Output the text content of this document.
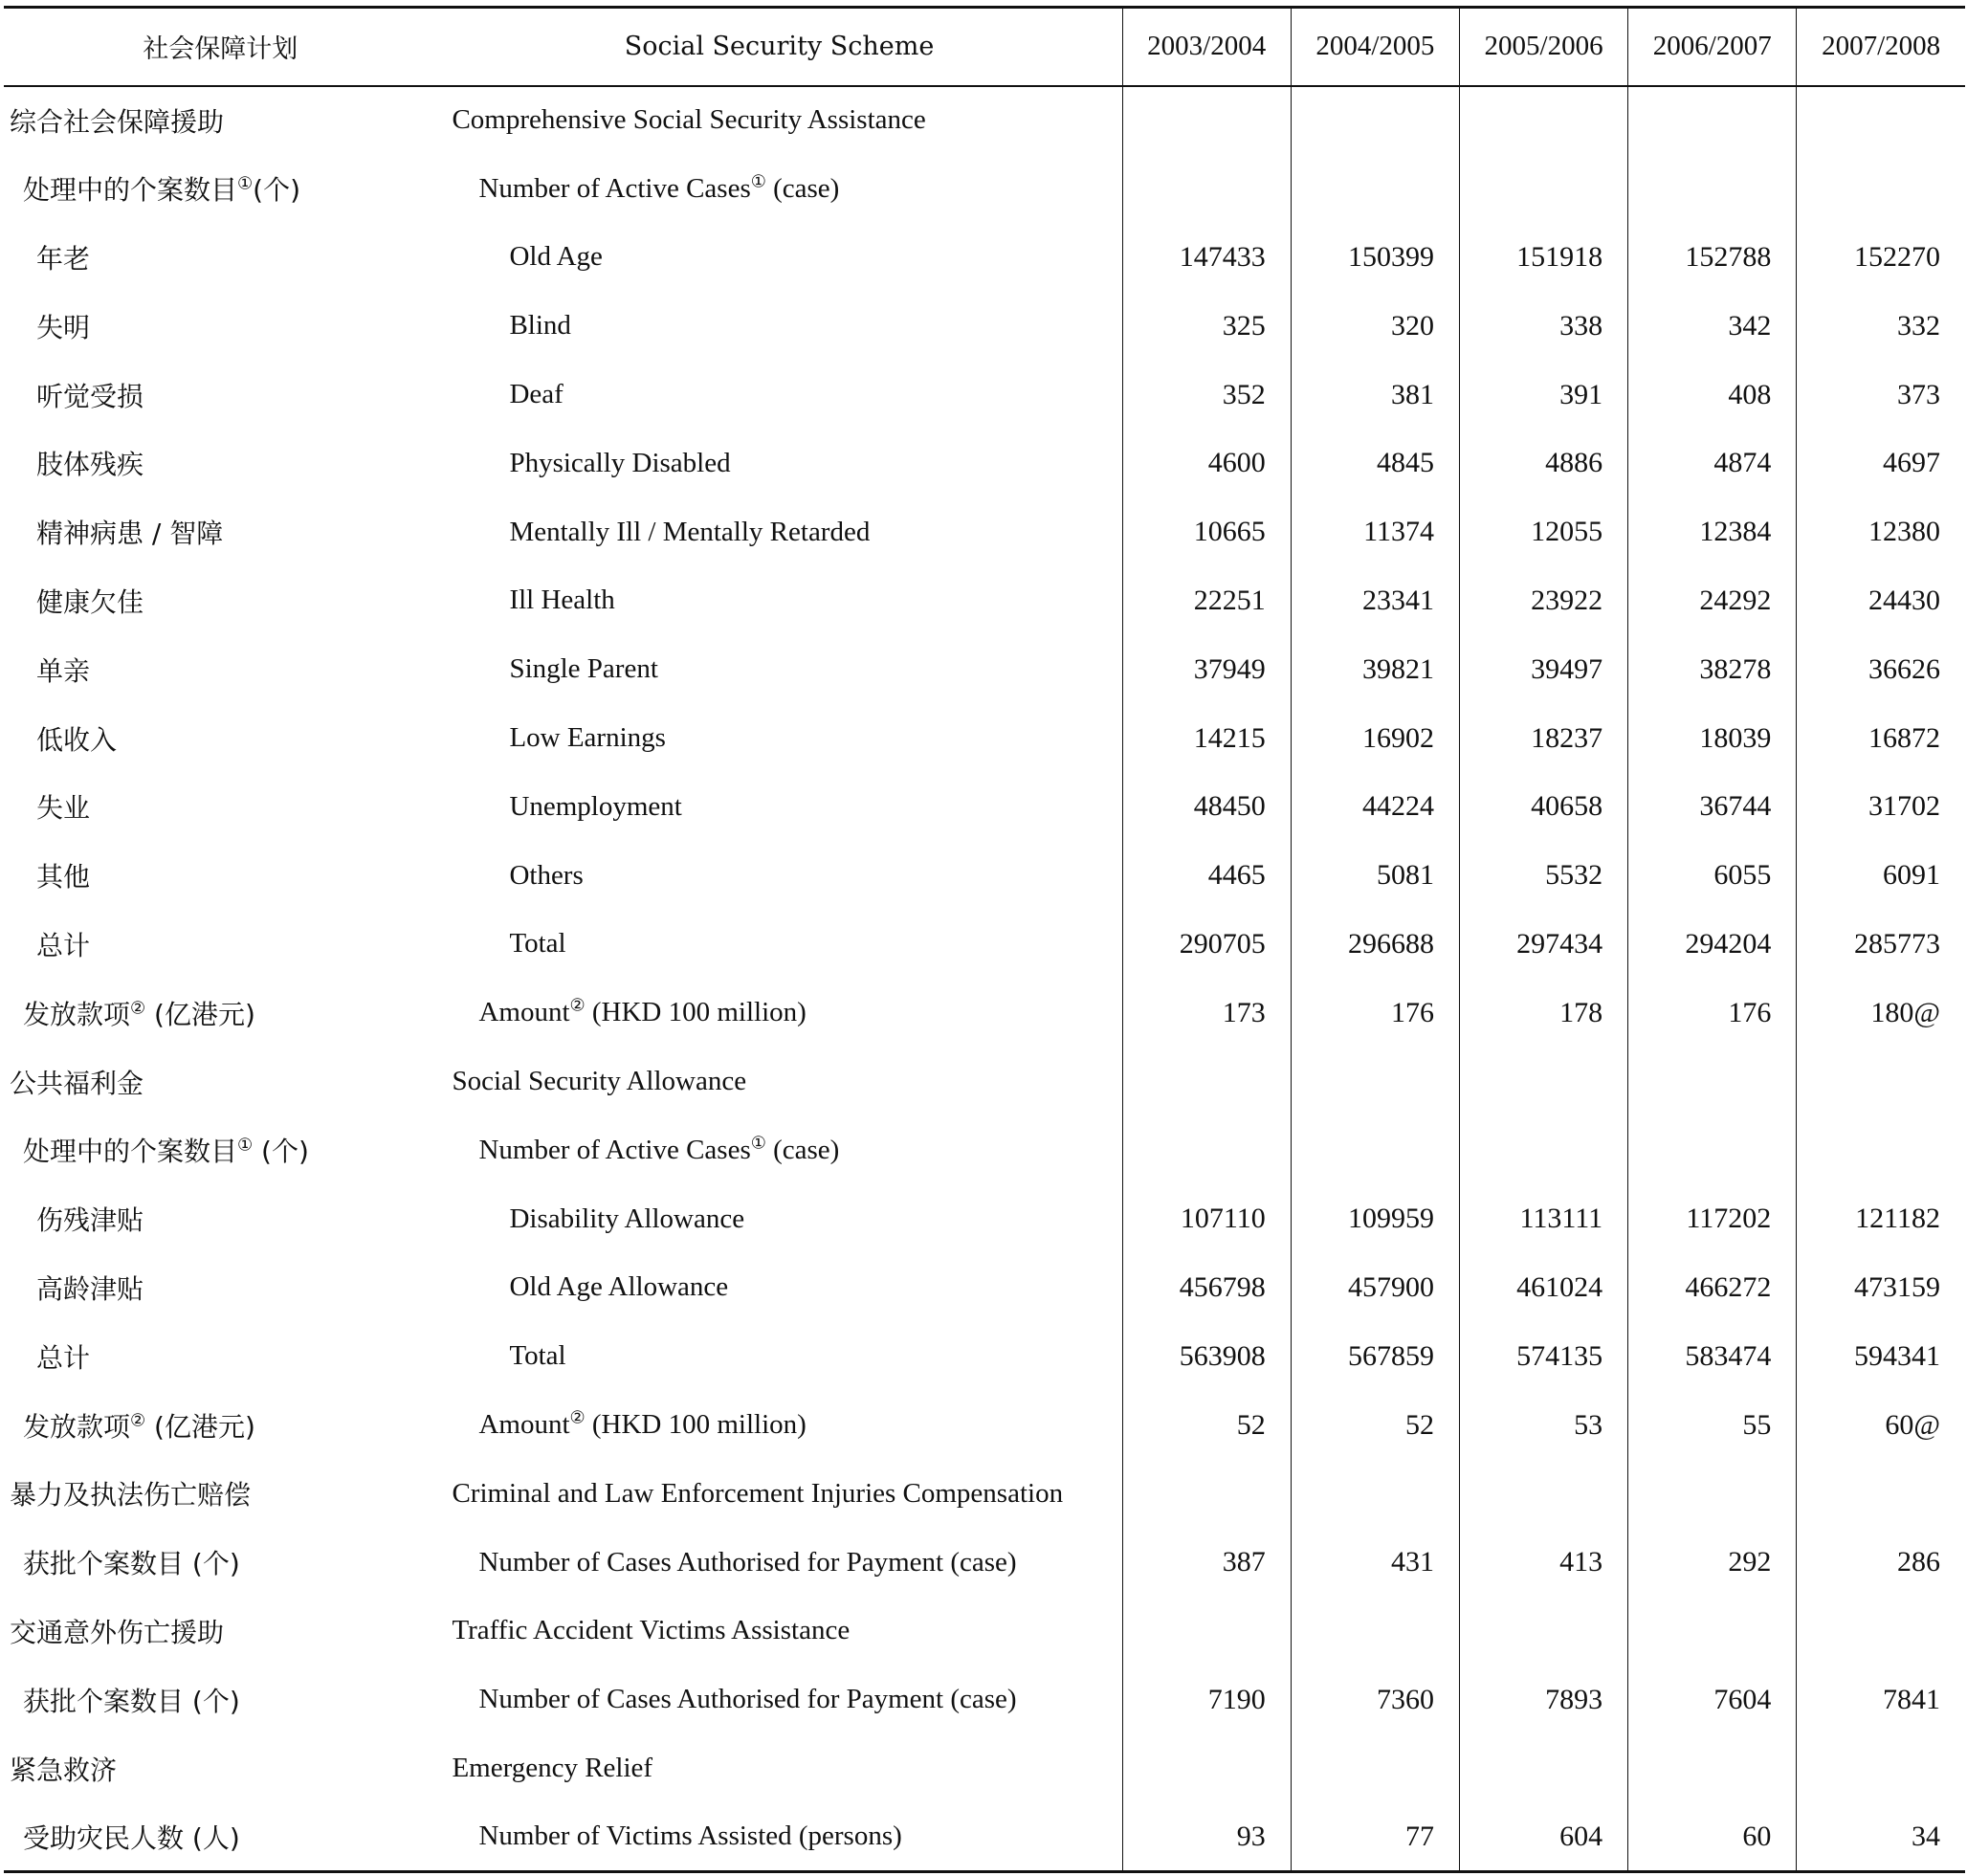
社会保障计划	Social Security Scheme	2003/2004	2004/2005	2005/2006	2006/2007	2007/2008
综合社会保障援助	Comprehensive Social Security Assistance					
处理中的个案数目①(个)	Number of Active Cases① (case)					
年老	Old Age	147433	150399	151918	152788	152270
失明	Blind	325	320	338	342	332
听觉受损	Deaf	352	381	391	408	373
肢体残疾	Physically Disabled	4600	4845	4886	4874	4697
精神病患 / 智障	Mentally Ill / Mentally Retarded	10665	11374	12055	12384	12380
健康欠佳	Ill Health	22251	23341	23922	24292	24430
单亲	Single Parent	37949	39821	39497	38278	36626
低收入	Low Earnings	14215	16902	18237	18039	16872
失业	Unemployment	48450	44224	40658	36744	31702
其他	Others	4465	5081	5532	6055	6091
总计	Total	290705	296688	297434	294204	285773
发放款项② (亿港元)	Amount② (HKD 100 million)	173	176	178	176	180@
公共福利金	Social Security Allowance					
处理中的个案数目① (个)	Number of Active Cases① (case)					
伤残津贴	Disability Allowance	107110	109959	113111	117202	121182
高龄津贴	Old Age Allowance	456798	457900	461024	466272	473159
总计	Total	563908	567859	574135	583474	594341
发放款项② (亿港元)	Amount② (HKD 100 million)	52	52	53	55	60@
暴力及执法伤亡赔偿	Criminal and Law Enforcement Injuries Compensation					
获批个案数目 (个)	Number of Cases Authorised for Payment (case)	387	431	413	292	286
交通意外伤亡援助	Traffic Accident Victims Assistance					
获批个案数目 (个)	Number of Cases Authorised for Payment (case)	7190	7360	7893	7604	7841
紧急救济	Emergency Relief					
受助灾民人数 (人)	Number of Victims Assisted (persons)	93	77	604	60	34
